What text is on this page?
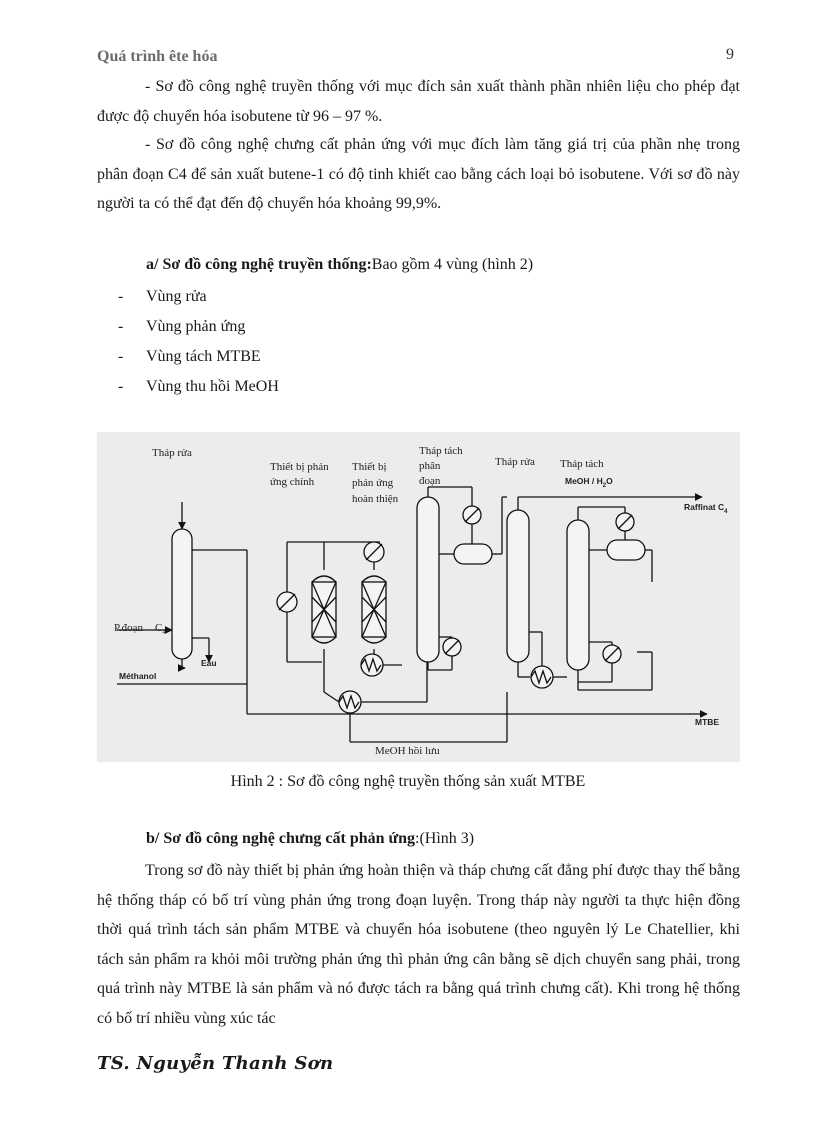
Quá trình ête hóa	9

- Sơ đồ công nghệ truyền thống với mục đích sản xuất thành phần nhiên liệu cho phép đạt được độ chuyển hóa isobutene từ 96 – 97 %.

- Sơ đồ công nghệ chưng cất phản ứng với mục đích làm tăng giá trị của phần nhẹ trong phân đoạn C4 để sản xuất butene-1 có độ tinh khiết cao bằng cách loại bỏ isobutene. Với sơ đồ này người ta có thể đạt đến độ chuyển hóa khoảng 99,9%.

a/ Sơ đồ công nghệ truyền thống:Bao gồm 4 vùng (hình 2)

- Vùng rửa
- Vùng phản ứng
- Vùng tách MTBE
- Vùng thu hồi MeOH
Tháp rửa
Thiết bị phản
ứng chính
Thiết bị
phản ứng
hoàn thiện
Tháp tách
phân
đoạn
Tháp rửa Tháp tách
MeOH / $H_2O$
Raffinat $C_4$
P.đoạn $C_4$
Eau
Méthanol
MTBE
MeOH hồi lưu

Hình 2 : Sơ đồ công nghệ truyền thống sản xuất MTBE

b/ Sơ đồ công nghệ chưng cất phản ứng:(Hình 3)

Trong sơ đồ này thiết bị phản ứng hoàn thiện và tháp chưng cất đẳng phí được thay thế bằng hệ thống tháp có bố trí vùng phản ứng trong đoạn luyện. Trong tháp này người ta thực hiện đồng thời quá trình tách sản phẩm MTBE và chuyển hóa isobutene (theo nguyên lý Le Chatellier, khi tách sản phẩm ra khỏi môi trường phản ứng thì phản ứng cân bằng sẽ dịch chuyển sang phải, trong quá trình này MTBE là sản phẩm và nó được tách ra bằng quá trình chưng cất). Khi trong hệ thống có bố trí nhiều vùng xúc tác

TS. Nguyễn Thanh Sơn
